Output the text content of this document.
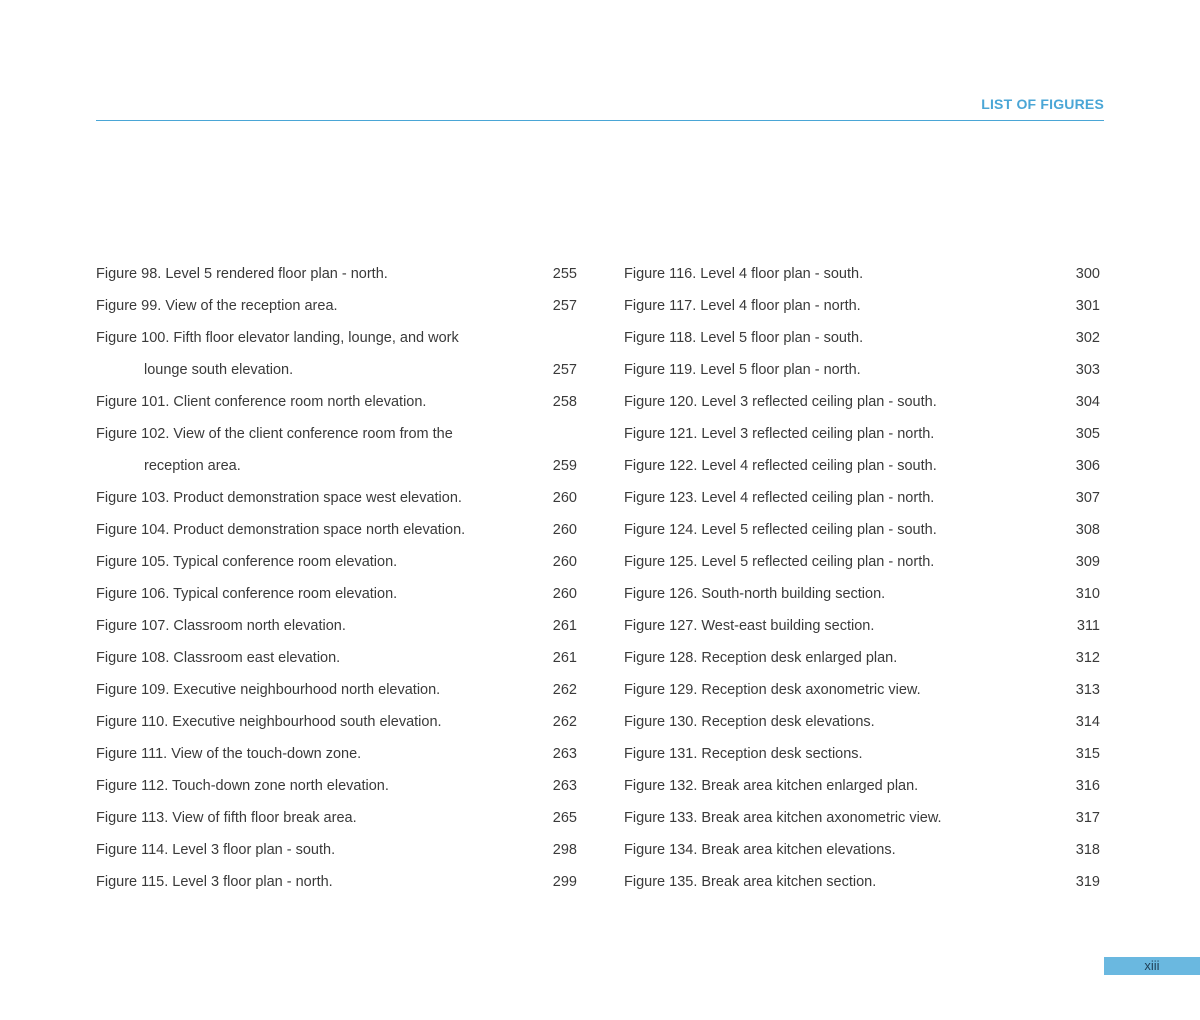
LIST OF FIGURES
Figure 98. Level 5 rendered floor plan - north.	255
Figure 99. View of the reception area.	257
Figure 100. Fifth floor elevator landing, lounge, and work
lounge south elevation.	257
Figure 101. Client conference room north elevation.	258
Figure 102. View of the client conference room from the
reception area.	259
Figure 103. Product demonstration space west elevation.	260
Figure 104. Product demonstration space north elevation.	260
Figure 105. Typical conference room elevation.	260
Figure 106. Typical conference room elevation.	260
Figure 107. Classroom north elevation.	261
Figure 108. Classroom east elevation.	261
Figure 109. Executive neighbourhood north elevation.	262
Figure 110. Executive neighbourhood south elevation.	262
Figure 111. View of the touch-down zone.	263
Figure 112. Touch-down zone north elevation.	263
Figure 113. View of fifth floor break area.	265
Figure 114. Level 3 floor plan - south.	298
Figure 115. Level 3 floor plan - north.	299
Figure 116. Level 4 floor plan - south.	300
Figure 117. Level 4 floor plan - north.	301
Figure 118. Level 5 floor plan - south.	302
Figure 119. Level 5 floor plan - north.	303
Figure 120. Level 3 reflected ceiling plan - south.	304
Figure 121. Level 3 reflected ceiling plan - north.	305
Figure 122. Level 4 reflected ceiling plan - south.	306
Figure 123. Level 4 reflected ceiling plan - north.	307
Figure 124. Level 5 reflected ceiling plan - south.	308
Figure 125. Level 5 reflected ceiling plan - north.	309
Figure 126. South-north building section.	310
Figure 127. West-east building section.	311
Figure 128. Reception desk enlarged plan.	312
Figure 129. Reception desk axonometric view.	313
Figure 130. Reception desk elevations.	314
Figure 131. Reception desk sections.	315
Figure 132. Break area kitchen enlarged plan.	316
Figure 133. Break area kitchen axonometric view.	317
Figure 134. Break area kitchen elevations.	318
Figure 135. Break area kitchen section.	319
xiii
